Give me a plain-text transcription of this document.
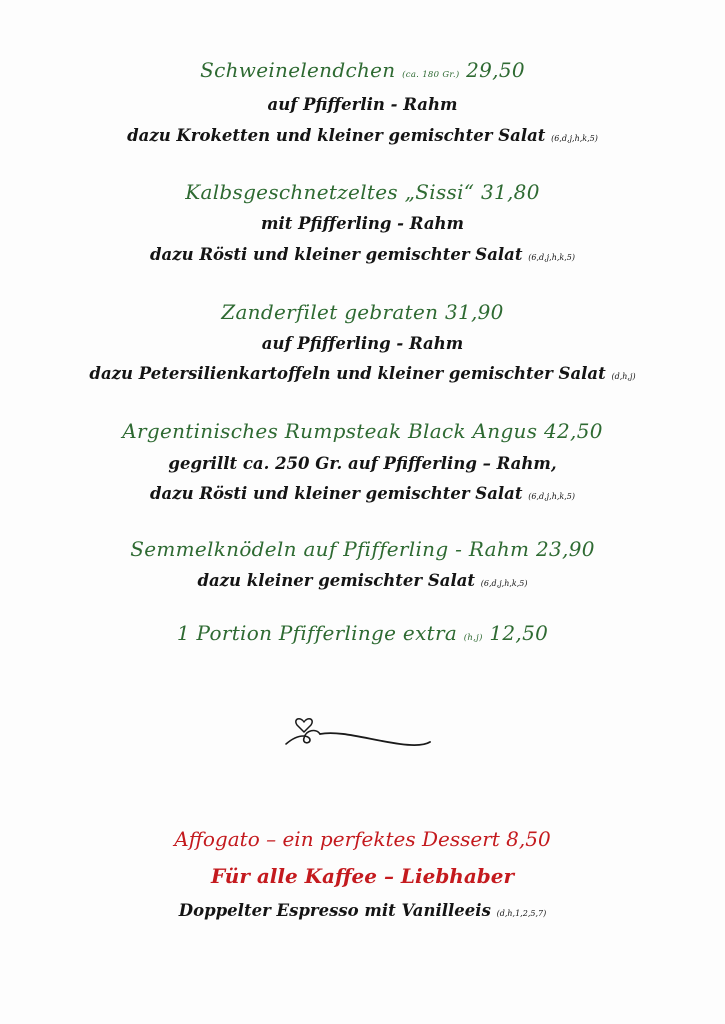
Schweinelendchen (ca. 180 Gr.) 29,50
auf Pfifferlin - Rahm
dazu Kroketten und kleiner gemischter Salat (6,d,j,h,k,5)
Kalbsgeschnetzeltes „Sissi“ 31,80
mit Pfifferling - Rahm
dazu Rösti und kleiner gemischter Salat (6,d,j,h,k,5)
Zanderfilet gebraten 31,90
auf Pfifferling - Rahm
dazu Petersilienkartoffeln und kleiner gemischter Salat (d,h,j)
Argentinisches Rumpsteak Black Angus 42,50
gegrillt ca. 250 Gr. auf Pfifferling – Rahm,
dazu Rösti und kleiner gemischter Salat (6,d,j,h,k,5)
Semmelknödeln auf Pfifferling - Rahm 23,90
dazu kleiner gemischter Salat (6,d,j,h,k,5)
1 Portion Pfifferlinge extra (h,j) 12,50
Affogato – ein perfektes Dessert 8,50
Für alle Kaffee – Liebhaber
Doppelter Espresso mit Vanilleeis (d,h,1,2,5,7)
